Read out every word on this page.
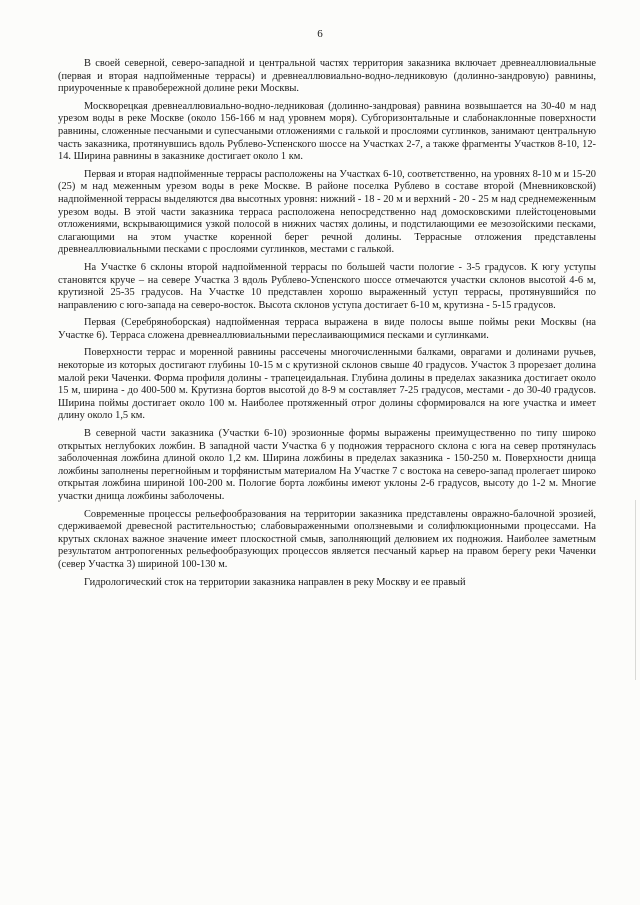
6

В своей северной, северо-западной и центральной частях территория заказника включает древнеаллювиальные (первая и вторая надпойменные террасы) и древнеаллювиально-водно-ледниковую (долинно-зандровую) равнины, приуроченные к правобережной долине реки Москвы.

Москворецкая древнеаллювиально-водно-ледниковая (долинно-зандровая) равнина возвышается на 30-40 м над урезом воды в реке Москве (около 156-166 м над уровнем моря). Субгоризонтальные и слабонаклонные поверхности равнины, сложенные песчаными и супесчаными отложениями с галькой и прослоями суглинков, занимают центральную часть заказника, протянувшись вдоль Рублево-Успенского шоссе на Участках 2-7, а также фрагменты Участков 8-10, 12-14. Ширина равнины в заказнике достигает около 1 км.

Первая и вторая надпойменные террасы расположены на Участках 6-10, соответственно, на уровнях 8-10 м и 15-20 (25) м над меженным урезом воды в реке Москве. В районе поселка Рублево в составе второй (Мневниковской) надпойменной террасы выделяются два высотных уровня: нижний - 18 - 20 м и верхний - 20 - 25 м над среднемеженным урезом воды. В этой части заказника терраса расположена непосредственно над домосковскими плейстоценовыми отложениями, вскрывающимися узкой полосой в нижних частях долины, и подстилающими ее мезозойскими песками, слагающими на этом участке коренной берег речной долины. Террасные отложения представлены древнеаллювиальными песками с прослоями суглинков, местами с галькой.

На Участке 6 склоны второй надпойменной террасы по большей части пологие - 3-5 градусов. К югу уступы становятся круче – на севере Участка 3 вдоль Рублево-Успенского шоссе отмечаются участки склонов высотой 4-6 м, крутизной 25-35 градусов. На Участке 10 представлен хорошо выраженный уступ террасы, протянувшийся по направлению с юго-запада на северо-восток. Высота склонов уступа достигает 6-10 м, крутизна - 5-15 градусов.

Первая (Серебряноборская) надпойменная терраса выражена в виде полосы выше поймы реки Москвы (на Участке 6). Терраса сложена древнеаллювиальными переслаивающимися песками и суглинками.

Поверхности террас и моренной равнины рассечены многочисленными балками, оврагами и долинами ручьев, некоторые из которых достигают глубины 10-15 м с крутизной склонов свыше 40 градусов. Участок 3 прорезает долина малой реки Чаченки. Форма профиля долины - трапецеидальная. Глубина долины в пределах заказника достигает около 15 м, ширина - до 400-500 м. Крутизна бортов высотой до 8-9 м составляет 7-25 градусов, местами - до 30-40 градусов. Ширина поймы достигает около 100 м. Наиболее протяженный отрог долины сформировался на юге участка и имеет длину около 1,5 км.

В северной части заказника (Участки 6-10) эрозионные формы выражены преимущественно по типу широко открытых неглубоких ложбин. В западной части Участка 6 у подножия террасного склона с юга на север протянулась заболоченная ложбина длиной около 1,2 км. Ширина ложбины в пределах заказника - 150-250 м. Поверхности днища ложбины заполнены перегнойным и торфянистым материалом На Участке 7 с востока на северо-запад пролегает широко открытая ложбина шириной 100-200 м. Пологие борта ложбины имеют уклоны 2-6 градусов, высоту до 1-2 м. Многие участки днища ложбины заболочены.

Современные процессы рельефообразования на территории заказника представлены овражно-балочной эрозией, сдерживаемой древесной растительностью; слабовыраженными оползневыми и солифлюкционными процессами. На крутых склонах важное значение имеет плоскостной смыв, заполняющий делювием их подножия. Наиболее заметным результатом антропогенных рельефообразующих процессов является песчаный карьер на правом берегу реки Чаченки (север Участка 3) шириной 100-130 м.

Гидрологический сток на территории заказника направлен в реку Москву и ее правый
